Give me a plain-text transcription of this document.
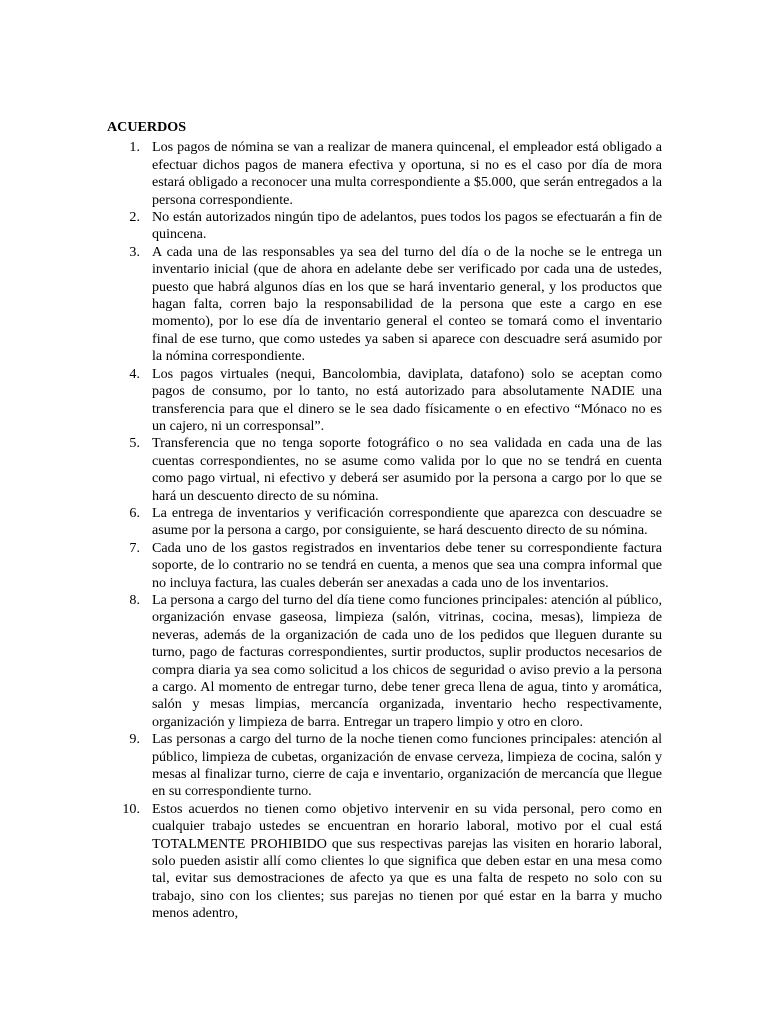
ACUERDOS
1. Los pagos de nómina se van a realizar de manera quincenal, el empleador está obligado a efectuar dichos pagos de manera efectiva y oportuna, si no es el caso por día de mora estará obligado a reconocer una multa correspondiente a $5.000, que serán entregados a la persona correspondiente.
2. No están autorizados ningún tipo de adelantos, pues todos los pagos se efectuarán a fin de quincena.
3. A cada una de las responsables ya sea del turno del día o de la noche se le entrega un inventario inicial (que de ahora en adelante debe ser verificado por cada una de ustedes, puesto que habrá algunos días en los que se hará inventario general, y los productos que hagan falta, corren bajo la responsabilidad de la persona que este a cargo en ese momento), por lo ese día de inventario general el conteo se tomará como el inventario final de ese turno, que como ustedes ya saben si aparece con descuadre será asumido por la nómina correspondiente.
4. Los pagos virtuales (nequi, Bancolombia, daviplata, datafono) solo se aceptan como pagos de consumo, por lo tanto, no está autorizado para absolutamente NADIE una transferencia para que el dinero se le sea dado físicamente o en efectivo “Mónaco no es un cajero, ni un corresponsal”.
5. Transferencia que no tenga soporte fotográfico o no sea validada en cada una de las cuentas correspondientes, no se asume como valida por lo que no se tendrá en cuenta como pago virtual, ni efectivo y deberá ser asumido por la persona a cargo por lo que se hará un descuento directo de su nómina.
6. La entrega de inventarios y verificación correspondiente que aparezca con descuadre se asume por la persona a cargo, por consiguiente, se hará descuento directo de su nómina.
7. Cada uno de los gastos registrados en inventarios debe tener su correspondiente factura soporte, de lo contrario no se tendrá en cuenta, a menos que sea una compra informal que no incluya factura, las cuales deberán ser anexadas a cada uno de los inventarios.
8. La persona a cargo del turno del día tiene como funciones principales: atención al público, organización envase gaseosa, limpieza (salón, vitrinas, cocina, mesas), limpieza de neveras, además de la organización de cada uno de los pedidos que lleguen durante su turno, pago de facturas correspondientes, surtir productos, suplir productos necesarios de compra diaria ya sea como solicitud a los chicos de seguridad o aviso previo a la persona a cargo. Al momento de entregar turno, debe tener greca llena de agua, tinto y aromática, salón y mesas limpias, mercancía organizada, inventario hecho respectivamente, organización y limpieza de barra. Entregar un trapero limpio y otro en cloro.
9. Las personas a cargo del turno de la noche tienen como funciones principales: atención al público, limpieza de cubetas, organización de envase cerveza, limpieza de cocina, salón y mesas al finalizar turno, cierre de caja e inventario, organización de mercancía que llegue en su correspondiente turno.
10. Estos acuerdos no tienen como objetivo intervenir en su vida personal, pero como en cualquier trabajo ustedes se encuentran en horario laboral, motivo por el cual está TOTALMENTE PROHIBIDO que sus respectivas parejas las visiten en horario laboral, solo pueden asistir allí como clientes lo que significa que deben estar en una mesa como tal, evitar sus demostraciones de afecto ya que es una falta de respeto no solo con su trabajo, sino con los clientes; sus parejas no tienen por qué estar en la barra y mucho menos adentro,
